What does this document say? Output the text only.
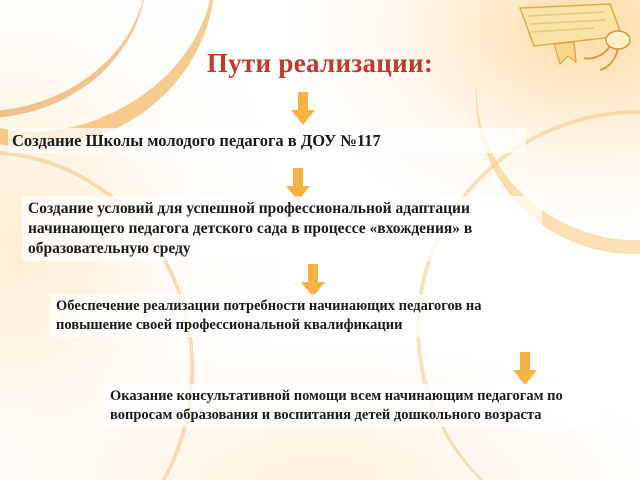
Пути реализации:
Создание Школы молодого педагога в ДОУ №117
Создание условий для успешной профессиональной адаптации начинающего педагога детского сада в процессе «вхождения» в образовательную среду
Обеспечение реализации потребности начинающих педагогов на повышение своей профессиональной квалификации
Оказание консультативной помощи всем начинающим педагогам по вопросам образования и воспитания детей дошкольного возраста
